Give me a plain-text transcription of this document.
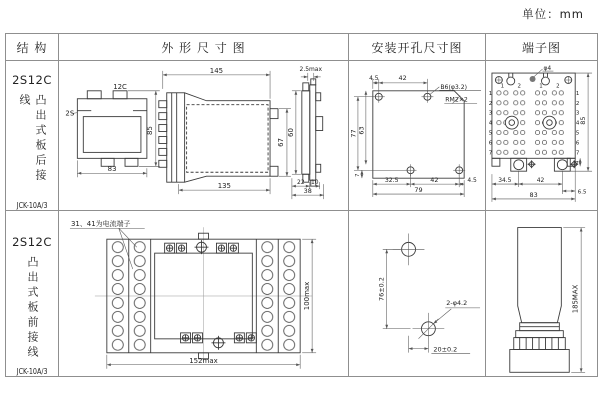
单位：mm
结 构	外 形 尺 寸 图	安装开孔尺寸图	端子图
2S12C
凸出式板后接线
JCK-10A/3
12C
2S
85
83
145
135
67
2.5max
60
22 10
38
4.5	42
B6(φ3.2)
RM2×2
77 63
7
32.5	42	4.5
79
φ4
85
4
34.5	42
6.5
83
1 2	1 2
1
2
3
4
5
6
7
1
2
3
4
5
6
7
2S12C
凸出式板前接线
JCK-10A/3
31、41为电流端子
100max
152max
76±0.2
2-φ4.2
20±0.2
185MAX
